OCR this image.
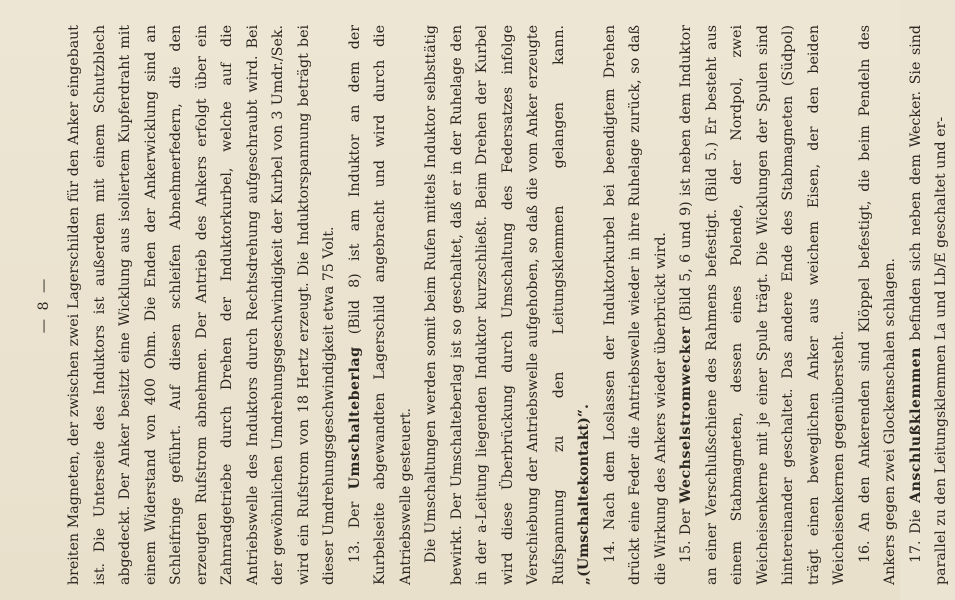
— 8 — breiten Magneten, der zwischen zwei Lagerschilden für den Anker eingebaut ist. Die Unterseite des Induktors ist außerdem mit einem Schutzblech abgedeckt. Der Anker besitzt eine Wicklung aus isoliertem Kupferdraht mit einem Widerstand von 400 Ohm. Die Enden der Ankerwicklung sind an Schleifringe geführt. Auf diesen schleifen Abnehmerfedern, die den erzeugten Rufstrom abnehmen. Der Antrieb des Ankers erfolgt über ein Zahnradgetriebe durch Drehen der Induktorkurbel, welche auf die Antriebswelle des Induktors durch Rechtsdrehung aufgeschraubt wird. Bei der gewöhnlichen Umdrehungsgeschwindigkeit der Kurbel von 3 Umdr./Sek. wird ein Rufstrom von 18 Hertz erzeugt. Die Induktorspannung beträgt bei dieser Umdrehungsgeschwindigkeit etwa 75 Volt. 13. Der Umschalteberlag (Bild 8) ist am Induktor an dem der Kurbelseite abgewandten Lagerschild angebracht und wird durch die Antriebswelle gesteuert. Die Umschaltungen werden somit beim Rufen mittels Induktor selbsttätig bewirkt. Der Umschalteberlag ist so geschaltet, daß er in der Ruhelage den in der a-Leitung liegenden Induktor kurzschließt. Beim Drehen der Kurbel wird diese Überbrückung durch Umschaltung des Federsatzes infolge Verschiebung der Antriebswelle aufgehoben, so daß die vom Anker erzeugte Rufspannung zu den Leitungsklemmen gelangen kann. „(Umschaltekontakt)“. 14. Nach dem Loslassen der Induktorkurbel bei beendigtem Drehen drückt eine Feder die Antriebswelle wieder in ihre Ruhelage zurück, so daß die Wirkung des Ankers wieder überbrückt wird. 15. Der Wechselstromwecker (Bild 5, 6 und 9) ist neben dem Induktor an einer Verschlußschiene des Rahmens befestigt. (Bild 5.) Er besteht aus einem Stabmagneten, dessen eines Polende, der Nordpol, zwei Weicheisenkerne mit je einer Spule trägt. Die Wicklungen der Spulen sind hintereinander geschaltet. Das andere Ende des Stabmagneten (Südpol) trägt einen beweglichen Anker aus weichem Eisen, der den beiden Weicheisenkernen gegenübersteht. 16. An den Ankerenden sind Klöppel befestigt, die beim Pendeln des Ankers gegen zwei Glockenschalen schlagen. 17. Die Anschlußklemmen befinden sich neben dem Wecker. Sie sind parallel zu den Leitungsklemmen La und Lb/E geschaltet und er-
